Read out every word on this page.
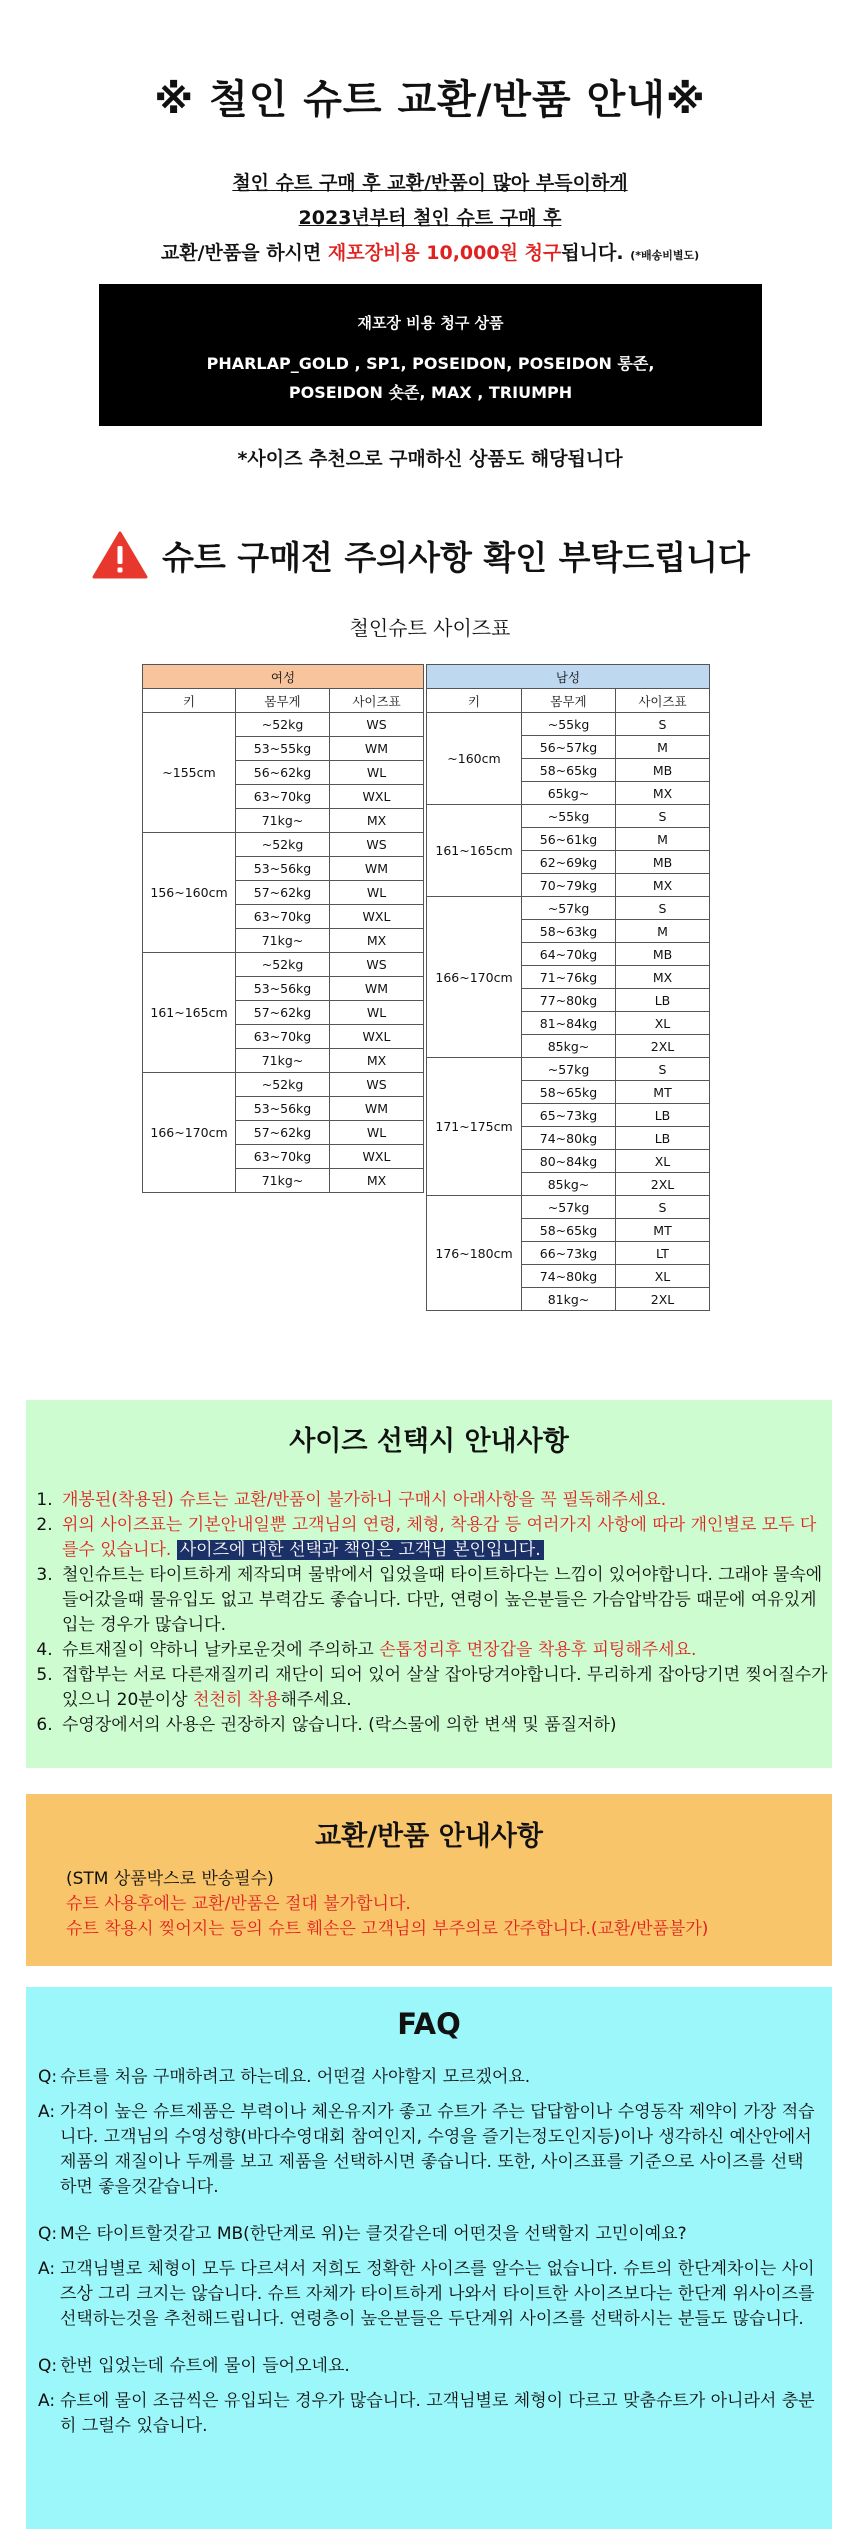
※ 철인 슈트 교환/반품 안내※
철인 슈트 구매 후 교환/반품이 많아 부득이하게
2023년부터 철인 슈트 구매 후
교환/반품을 하시면 재포장비용 10,000원 청구됩니다. (*배송비별도)
재포장 비용 청구 상품
PHARLAP_GOLD , SP1, POSEIDON, POSEIDON 롱존,
POSEIDON 숏존, MAX , TRIUMPH
*사이즈 추천으로 구매하신 상품도 해당됩니다
슈트 구매전 주의사항 확인 부탁드립니다
철인슈트 사이즈표
여성		
키	몸무게	사이즈표
~155cm	~52kg	WS
	53~55kg	WM
	56~62kg	WL
	63~70kg	WXL
	71kg~	MX
156~160cm	~52kg	WS
	53~56kg	WM
	57~62kg	WL
	63~70kg	WXL
	71kg~	MX
161~165cm	~52kg	WS
	53~56kg	WM
	57~62kg	WL
	63~70kg	WXL
	71kg~	MX
166~170cm	~52kg	WS
	53~56kg	WM
	57~62kg	WL
	63~70kg	WXL
	71kg~	MX
남성		
키	몸무게	사이즈표
~160cm	~55kg	S
	56~57kg	M
	58~65kg	MB
	65kg~	MX
161~165cm	~55kg	S
	56~61kg	M
	62~69kg	MB
	70~79kg	MX
166~170cm	~57kg	S
	58~63kg	M
	64~70kg	MB
	71~76kg	MX
	77~80kg	LB
	81~84kg	XL
	85kg~	2XL
171~175cm	~57kg	S
	58~65kg	MT
	65~73kg	LB
	74~80kg	LB
	80~84kg	XL
	85kg~	2XL
176~180cm	~57kg	S
	58~65kg	MT
	66~73kg	LT
	74~80kg	XL
	81kg~	2XL
사이즈 선택시 안내사항
1. 개봉된(착용된) 슈트는 교환/반품이 불가하니 구매시 아래사항을 꼭 필독해주세요.
2. 위의 사이즈표는 기본안내일뿐 고객님의 연령, 체형, 착용감 등 여러가지 사항에 따라 개인별로 모두 다를수 있습니다. 사이즈에 대한 선택과 책임은 고객님 본인입니다.
3. 철인슈트는 타이트하게 제작되며 물밖에서 입었을때 타이트하다는 느낌이 있어야합니다. 그래야 물속에 들어갔을때 물유입도 없고 부력감도 좋습니다. 다만, 연령이 높은분들은 가슴압박감등 때문에 여유있게 입는 경우가 많습니다.
4. 슈트재질이 약하니 날카로운것에 주의하고 손톱정리후 면장갑을 착용후 피팅해주세요.
5. 접합부는 서로 다른재질끼리 재단이 되어 있어 살살 잡아당겨야합니다. 무리하게 잡아당기면 찢어질수가 있으니 20분이상 천천히 착용해주세요.
6. 수영장에서의 사용은 권장하지 않습니다. (락스물에 의한 변색 및 품질저하)
교환/반품 안내사항
(STM 상품박스로 반송필수)
슈트 사용후에는 교환/반품은 절대 불가합니다.
슈트 착용시 찢어지는 등의 슈트 훼손은 고객님의 부주의로 간주합니다.(교환/반품불가)
FAQ
Q: 슈트를 처음 구매하려고 하는데요. 어떤걸 사야할지 모르겠어요.
A: 가격이 높은 슈트제품은 부력이나 체온유지가 좋고 슈트가 주는 답답함이나 수영동작 제약이 가장 적습니다. 고객님의 수영성향(바다수영대회 참여인지, 수영을 즐기는정도인지등)이나 생각하신 예산안에서 제품의 재질이나 두께를 보고 제품을 선택하시면 좋습니다. 또한, 사이즈표를 기준으로 사이즈를 선택하면 좋을것같습니다.
Q: M은 타이트할것같고 MB(한단계로 위)는 클것같은데 어떤것을 선택할지 고민이예요?
A: 고객님별로 체형이 모두 다르셔서 저희도 정확한 사이즈를 알수는 없습니다. 슈트의 한단계차이는 사이즈상 그리 크지는 않습니다. 슈트 자체가 타이트하게 나와서 타이트한 사이즈보다는 한단계 위사이즈를 선택하는것을 추천해드립니다. 연령층이 높은분들은 두단계위 사이즈를 선택하시는 분들도 많습니다.
Q: 한번 입었는데 슈트에 물이 들어오네요.
A: 슈트에 물이 조금씩은 유입되는 경우가 많습니다. 고객님별로 체형이 다르고 맞춤슈트가 아니라서 충분히 그럴수 있습니다.
